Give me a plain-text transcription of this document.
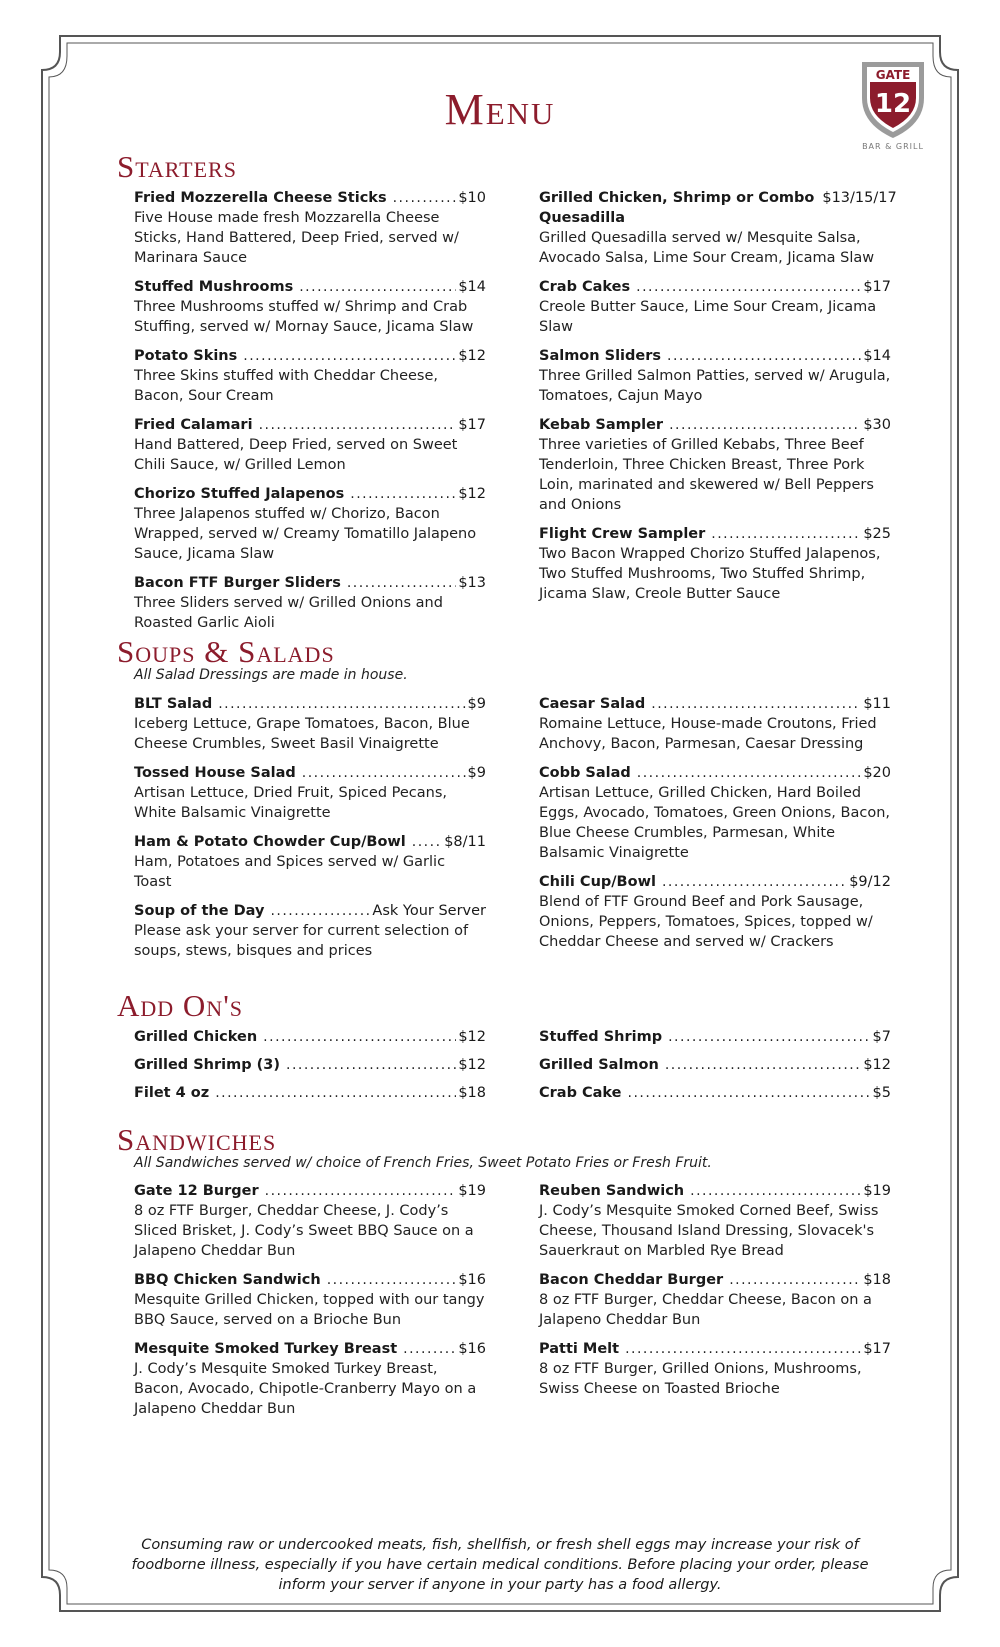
Menu
GATE
12
BAR & GRILL
Starters
Fried Mozzerella Cheese Sticks .....	$10
Five House made fresh Mozzarella Cheese Sticks, Hand Battered, Deep Fried, served w/ Marinara Sauce
Stuffed Mushrooms .....	$14
Three Mushrooms stuffed w/ Shrimp and Crab Stuffing, served w/ Mornay Sauce, Jicama Slaw
Potato Skins .....	$12
Three Skins stuffed with Cheddar Cheese, Bacon, Sour Cream
Fried Calamari .....	$17
Hand Battered, Deep Fried, served on Sweet Chili Sauce, w/ Grilled Lemon
Chorizo Stuffed Jalapenos .....	$12
Three Jalapenos stuffed w/ Chorizo, Bacon Wrapped, served w/ Creamy Tomatillo Jalapeno Sauce, Jicama Slaw
Bacon FTF Burger Sliders .....	$13
Three Sliders served w/ Grilled Onions and Roasted Garlic Aioli
Grilled Chicken, Shrimp or Combo $13/15/17
Quesadilla
Grilled Quesadilla served w/ Mesquite Salsa, Avocado Salsa, Lime Sour Cream, Jicama Slaw
Crab Cakes .....	$17
Creole Butter Sauce, Lime Sour Cream, Jicama Slaw
Salmon Sliders .....	$14
Three Grilled Salmon Patties, served w/ Arugula, Tomatoes, Cajun Mayo
Kebab Sampler .....	$30
Three varieties of Grilled Kebabs, Three Beef Tenderloin, Three Chicken Breast, Three Pork Loin, marinated and skewered w/ Bell Peppers and Onions
Flight Crew Sampler .....	$25
Two Bacon Wrapped Chorizo Stuffed Jalapenos, Two Stuffed Mushrooms, Two Stuffed Shrimp, Jicama Slaw, Creole Butter Sauce
Soups & Salads
All Salad Dressings are made in house.
BLT Salad .....	$9
Iceberg Lettuce, Grape Tomatoes, Bacon, Blue Cheese Crumbles, Sweet Basil Vinaigrette
Tossed House Salad .....	$9
Artisan Lettuce, Dried Fruit, Spiced Pecans, White Balsamic Vinaigrette
Ham & Potato Chowder Cup/Bowl .....	$8/11
Ham, Potatoes and Spices served w/ Garlic Toast
Soup of the Day .....	Ask Your Server
Please ask your server for current selection of soups, stews, bisques and prices
Caesar Salad .....	$11
Romaine Lettuce, House-made Croutons, Fried Anchovy, Bacon, Parmesan, Caesar Dressing
Cobb Salad .....	$20
Artisan Lettuce, Grilled Chicken, Hard Boiled Eggs, Avocado, Tomatoes, Green Onions, Bacon, Blue Cheese Crumbles, Parmesan, White Balsamic Vinaigrette
Chili Cup/Bowl .....	$9/12
Blend of FTF Ground Beef and Pork Sausage, Onions, Peppers, Tomatoes, Spices, topped w/ Cheddar Cheese and served w/ Crackers
Add On's
Grilled Chicken .....	$12
Grilled Shrimp (3) .....	$12
Filet 4 oz .....	$18
Stuffed Shrimp .....	$7
Grilled Salmon .....	$12
Crab Cake .....	$5
Sandwiches
All Sandwiches served w/ choice of French Fries, Sweet Potato Fries or Fresh Fruit.
Gate 12 Burger .....	$19
8 oz FTF Burger, Cheddar Cheese, J. Cody’s Sliced Brisket, J. Cody’s Sweet BBQ Sauce on a Jalapeno Cheddar Bun
BBQ Chicken Sandwich .....	$16
Mesquite Grilled Chicken, topped with our tangy BBQ Sauce, served on a Brioche Bun
Mesquite Smoked Turkey Breast .....	$16
J. Cody’s Mesquite Smoked Turkey Breast, Bacon, Avocado, Chipotle-Cranberry Mayo on a Jalapeno Cheddar Bun
Reuben Sandwich .....	$19
J. Cody’s Mesquite Smoked Corned Beef, Swiss Cheese, Thousand Island Dressing, Slovacek's Sauerkraut on Marbled Rye Bread
Bacon Cheddar Burger .....	$18
8 oz FTF Burger, Cheddar Cheese, Bacon on a Jalapeno Cheddar Bun
Patti Melt .....	$17
8 oz FTF Burger, Grilled Onions, Mushrooms, Swiss Cheese on Toasted Brioche
Consuming raw or undercooked meats, fish, shellfish, or fresh shell eggs may increase your risk of foodborne illness, especially if you have certain medical conditions. Before placing your order, please inform your server if anyone in your party has a food allergy.
